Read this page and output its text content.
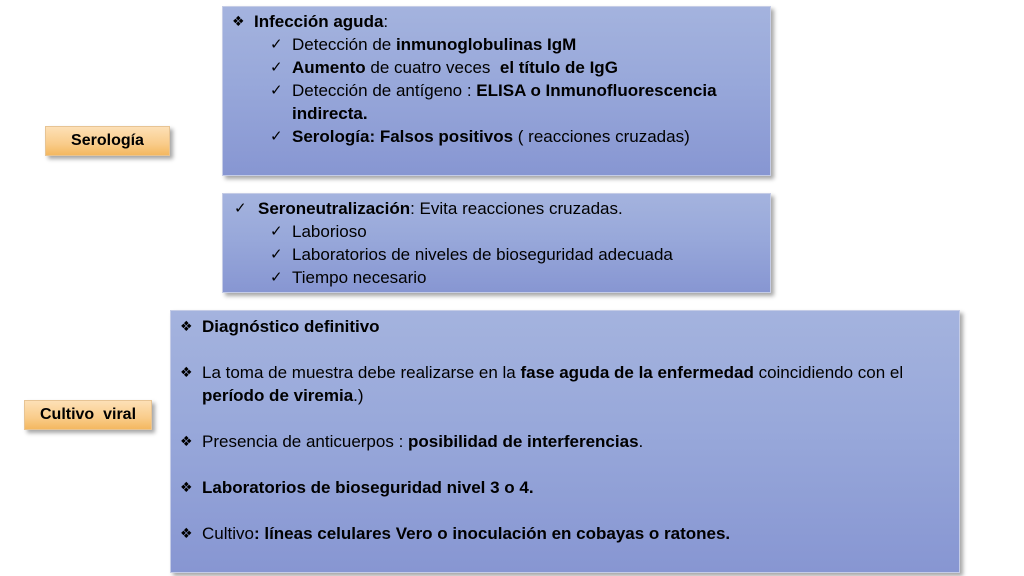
❖ Infección aguda:
✓ Detección de inmunoglobulinas IgM
✓ Aumento de cuatro veces  el título de IgG
✓ Detección de antígeno : ELISA o Inmunofluorescencia
indirecta.
✓ Serología: Falsos positivos ( reacciones cruzadas)
Serología
✓ Seroneutralización: Evita reacciones cruzadas.
✓ Laborioso
✓ Laboratorios de niveles de bioseguridad adecuada
✓ Tiempo necesario
❖ Diagnóstico definitivo
❖ La toma de muestra debe realizarse en la fase aguda de la enfermedad coincidiendo con el
período de viremia.)
❖ Presencia de anticuerpos : posibilidad de interferencias.
❖ Laboratorios de bioseguridad nivel 3 o 4.
❖ Cultivo: líneas celulares Vero o inoculación en cobayas o ratones.
Cultivo  viral
